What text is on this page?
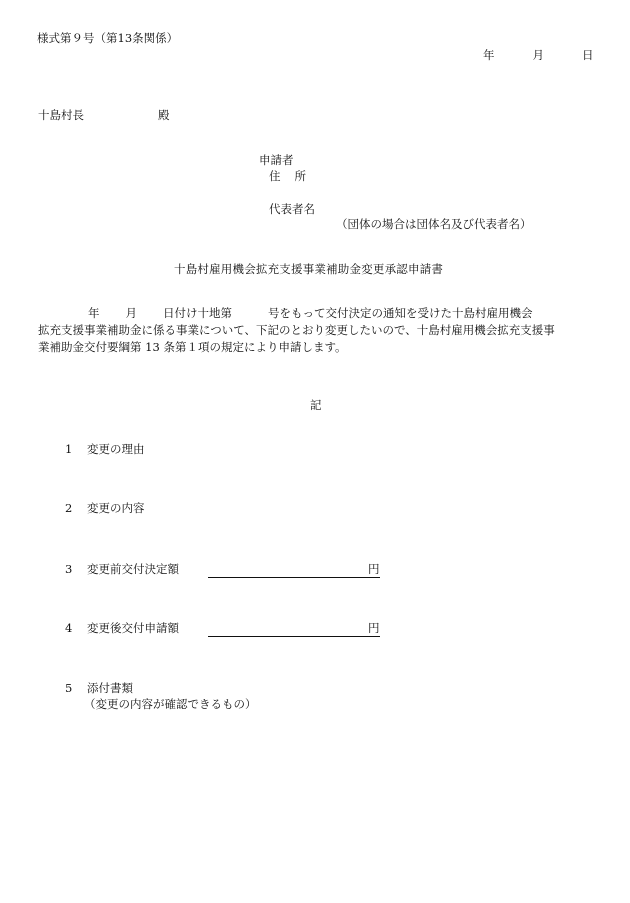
様式第９号（第13条関係）
年	月	日
十島村長	殿
申請者
住 所
代表者名
（団体の場合は団体名及び代表者名）
十島村雇用機会拡充支援事業補助金変更承認申請書
年 月 日付け十地第	号をもって交付決定の通知を受けた十島村雇用機会
拡充支援事業補助金に係る事業について、下記のとおり変更したいので、十島村雇用機会拡充支援事
業補助金交付要綱第 13 条第１項の規定により申請します。
記
1 変更の理由
2 変更の内容
3 変更前交付決定額	円
4 変更後交付申請額	円
5 添付書類
（変更の内容が確認できるもの）
